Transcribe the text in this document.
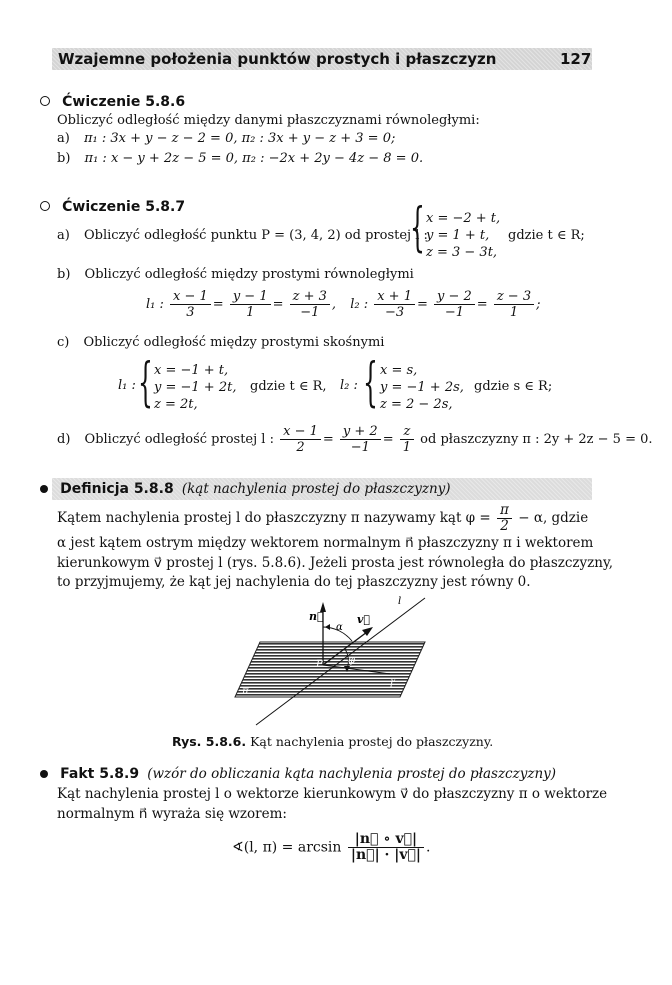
Wzajemne położenia punktów prostych i płaszczyzn	127
Ćwiczenie 5.8.6
Obliczyć odległość między danymi płaszczyznami równoległymi:
a) π₁ : 3x + y − z − 2 = 0, π₂ : 3x + y − z + 3 = 0;
b) π₁ : x − y + 2z − 5 = 0, π₂ : −2x + 2y − 4z − 8 = 0.
Ćwiczenie 5.8.7
a) Obliczyć odległość punktu P = (3, 4, 2) od prostej l :
{ x = −2 + t,
y = 1 + t,
z = 3 − 3t,
gdzie t ∈ R;
b) Obliczyć odległość między prostymi równoległymi
l₁ : $\frac{x - 1}{3} = \frac{y - 1}{1} = \frac{z + 3}{-1}$ , l₂ : $\frac{x + 1}{-3} = \frac{y - 2}{-1} = \frac{z - 3}{1}$ ;
c) Obliczyć odległość między prostymi skośnymi
l₁ : { x = −1 + t,
y = −1 + 2t,
z = 2t,
gdzie t ∈ R, l₂ : { x = s,
y = −1 + 2s,
z = 2 − 2s,
gdzie s ∈ R;
d) Obliczyć odległość prostej l : $\frac{x - 1}{2} = \frac{y + 2}{-1} = \frac{z}{1}$ od płaszczyzny π : 2y + 2z − 5 = 0.
Definicja 5.8.8 (kąt nachylenia prostej do płaszczyzny)
Kątem nachylenia prostej l do płaszczyzny π nazywamy kąt $\varphi = \frac{\pi}{2} - \alpha$, gdzie
α jest kątem ostrym między wektorem normalnym n⃗ płaszczyzny π i wektorem
kierunkowym v⃗ prostej l (rys. 5.8.6). Jeżeli prosta jest równoległa do płaszczyzny,
to przyjmujemy, że kąt jej nachylenia do tej płaszczyzny jest równy 0.
n⃗	v⃗
α
φ
l
P
l′
π
Rys. 5.8.6. Kąt nachylenia prostej do płaszczyzny.
Fakt 5.8.9 (wzór do obliczania kąta nachylenia prostej do płaszczyzny)
Kąt nachylenia prostej l o wektorze kierunkowym v⃗ do płaszczyzny π o wektorze
normalnym n⃗ wyraża się wzorem:
∢(l, $\pi) = \arcsin \frac{|n⃗ \circ v⃗|}{|n⃗| \cdot |v⃗|}$ .
